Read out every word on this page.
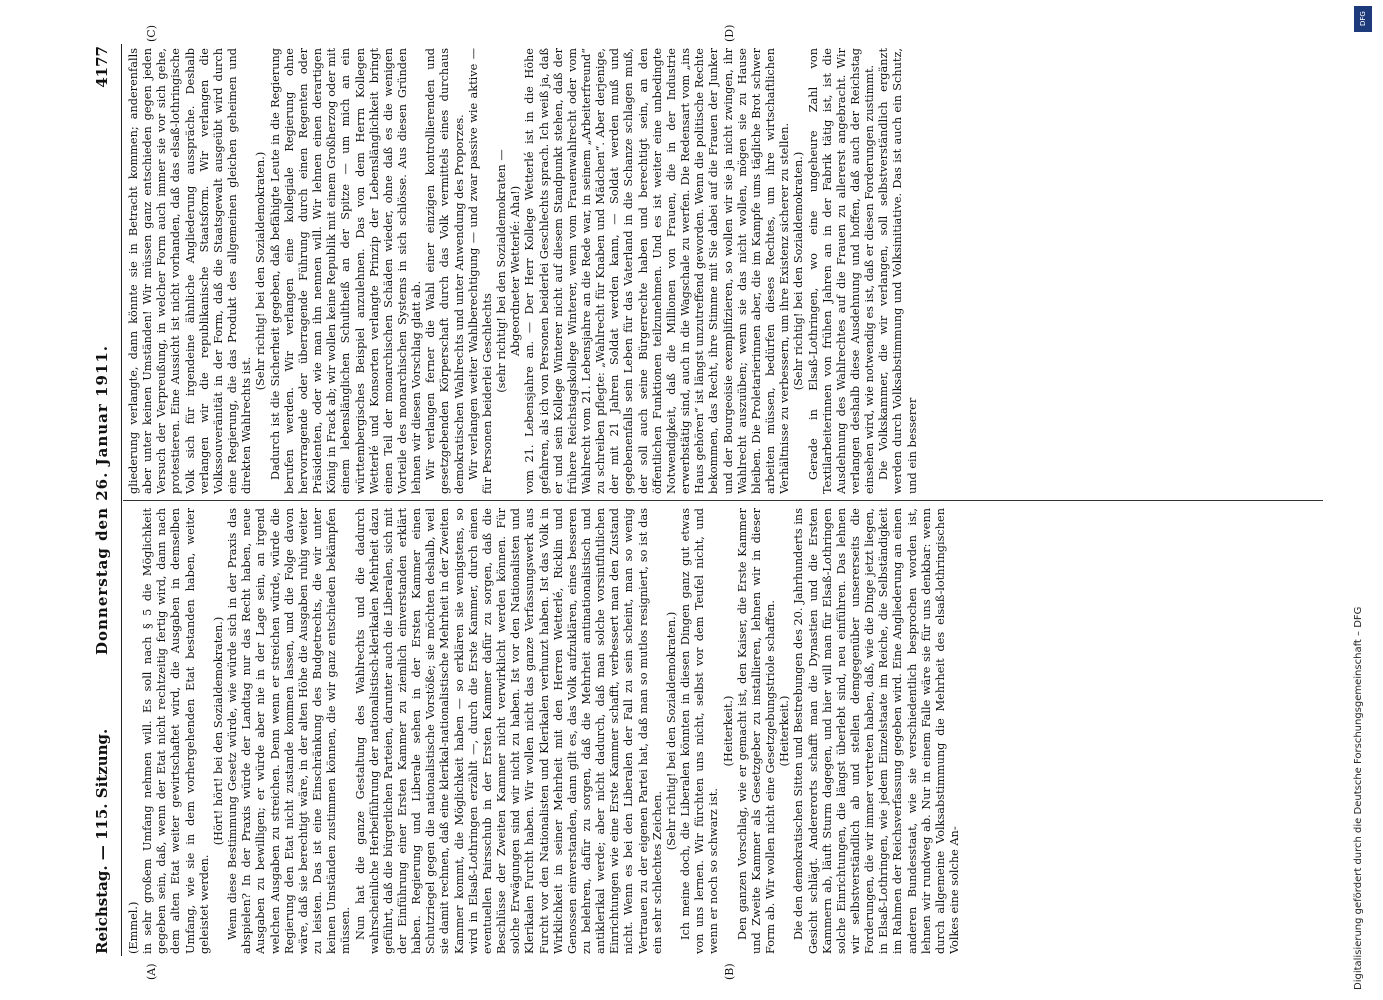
Reichstag. — 115. Sitzung.
Donnerstag den 26. Januar 1911.
4177
(A)	(B)
(C)	(D)

(Emmel.) in sehr großem Umfang nehmen will. Es soll nach § 5 die Möglichkeit gegeben sein, daß, wenn der Etat nicht rechtzeitig fertig wird, dann nach dem alten Etat weiter gewirtschaftet wird, die Ausgaben in demselben Umfang, wie sie in dem vorhergehenden Etat bestanden haben, weiter geleistet werden.

(Hört! hört! bei den Sozialdemokraten.) Wenn diese Bestimmung Gesetz würde, wie würde sich in der Praxis das abspielen? In der Praxis würde der Landtag nur das Recht haben, neue Ausgaben zu bewilligen; er würde aber nie in der Lage sein, an irgend welchen Ausgaben zu streichen. Denn wenn er streichen würde, würde die Regierung den Etat nicht zustande kommen lassen, und die Folge davon wäre, daß sie berechtigt wäre, in der alten Höhe die Ausgaben ruhig weiter zu leisten. Das ist eine Einschränkung des Budgetrechts, die wir unter keinen Umständen zustimmen können, die wir ganz entschieden bekämpfen müssen. Nun hat die ganze Gestaltung des Wahlrechts und die dadurch wahrscheinliche Herbeiführung der nationalistisch-klerikalen Mehrheit dazu geführt, daß die bürgerlichen Parteien, darunter auch die Liberalen, sich mit der Einführung einer Ersten Kammer zu ziemlich einverstanden erklärt haben. Regierung und Liberale sehen in der Ersten Kammer einen Schutzriegel gegen die nationalistische Vorstöße; sie möchten deshalb, weil sie damit rechnen, daß eine klerikal-nationalistische Mehrheit in der Zweiten Kammer kommt, die Möglichkeit haben — so erklären sie wenigstens, so wird in Elsaß-Lothringen erzählt —, durch die Erste Kammer, durch einen eventuellen Pairsschub in der Ersten Kammer dafür zu sorgen, daß die Beschlüsse der Zweiten Kammer nicht verwirklicht werden können. Für solche Erwägungen sind wir nicht zu haben. Ist vor den Nationalisten und Klerikalen Furcht haben. Wir wollen nicht das ganze Verfassungswerk aus Furcht vor den Nationalisten und Klerikalen verhunzt haben. Ist das Volk in Wirklichkeit in seiner Mehrheit mit den Herren Wetterlé, Ricklin und Genossen einverstanden, dann gilt es, das Volk aufzuklären, eines besseren zu belehren, dafür zu sorgen, daß die Mehrheit antinationalistisch und antiklerikal werde; aber nicht dadurch, daß man solche vorsintflutlichen Einrichtungen wie eine Erste Kammer schafft, verbessert man den Zustand nicht. Wenn es bei den Liberalen der Fall zu sein scheint, man so wenig Vertrauen zu der eigenen Partei hat, daß man so mutlos resigniert, so ist das ein sehr schlechtes Zeichen.

(Sehr richtig! bei den Sozialdemokraten.) Ich meine doch, die Liberalen könnten in diesen Dingen ganz gut etwas von uns lernen. Wir fürchten uns nicht, selbst vor dem Teufel nicht, und wenn er noch so schwarz ist.

(Heiterkeit.) Den ganzen Vorschlag, wie er gemacht ist, den Kaiser, die Erste Kammer und Zweite Kammer als Gesetzgeber zu installieren, lehnen wir in dieser Form ab. Wir wollen nicht eine Gesetzgebungstriole schaffen. (Heiterkeit.) Die den demokratischen Sitten und Bestrebungen des 20. Jahrhunderts ins Gesicht schlägt. Andererorts schafft man die Dynastien und die Ersten Kammern ab, läuft Sturm dagegen, und hier will man für Elsaß-Lothringen solche Einrichtungen, die längst überlebt sind, neu einführen. Das lehnen wir selbstverständlich ab und stellen demgegenüber unsererseits die Forderungen, die wir immer vertreten haben, daß, wie die Dinge jetzt liegen, in Elsaß-Lothringen, wie jedem Einzelstaate im Reiche, die Selbständigkeit im Rahmen der Reichsverfassung gegeben wird. Eine Angliederung an einen anderen Bundesstaat, wie sie verschiedentlich besprochen worden ist, lehnen wir rundweg ab. Nur in einem Falle wäre sie für uns denkbar: wenn durch allgemeine Volksabstimmung die Mehrheit des elsaß-lothringischen Volkes eine solche An-

gliederung verlangte, dann könnte sie in Betracht kommen; anderenfalls aber unter keinen Umständen! Wir müssen ganz entschieden gegen jeden Versuch der Verpreußung, in welcher Form auch immer sie vor sich gehe, protestieren. Eine Aussicht ist nicht vorhanden, daß das elsaß-lothringische Volk sich für irgendeine ähnliche Angliederung ausspräche. Deshalb verlangen wir die republikanische Staatsform. Wir verlangen die Volkssouveränität in der Form, daß die Staatsgewalt ausgeübt wird durch eine Regierung, die das Produkt des allgemeinen gleichen geheimen und direkten Wahlrechts ist.

(Sehr richtig! bei den Sozialdemokraten.) Dadurch ist die Sicherheit gegeben, daß befähigte Leute in die Regierung berufen werden. Wir verlangen eine kollegiale Regierung ohne hervorragende oder überragende Führung durch einen Regenten oder Präsidenten, oder wie man ihn nennen will. Wir lehnen einen derartigen König in Frack ab; wir wollen keine Republik mit einem Großherzog oder mit einem lebenslänglichen Schultheiß an der Spitze — um mich an ein württembergisches Beispiel anzulehnen. Das von dem Herrn Kollegen Wetterlé und Konsorten verlangte Prinzip der Lebenslänglichkeit bringt einen Teil der monarchischen Schäden wieder, ohne daß es die wenigen Vorteile des monarchischen Systems in sich schlösse. Aus diesen Gründen lehnen wir diesen Vorschlag glatt ab. Wir verlangen ferner die Wahl einer einzigen kontrollierenden und gesetzgebenden Körperschaft durch das Volk vermittels eines durchaus demokratischen Wahlrechts und unter Anwendung des Proporzes. Wir verlangen weiter Wahlberechtigung — und zwar passive wie aktive — für Personen beiderlei Geschlechts

(sehr richtig! bei den Sozialdemokraten — Abgeordneter Wetterlé: Aha!) vom 21. Lebensjahre an. — Der Herr Kollege Wetterlé ist in die Höhe gefahren, als ich von Personen beiderlei Geschlechts sprach. Ich weiß ja, daß er und sein Kollege Winterer nicht auf diesem Standpunkt stehen, daß der frühere Reichstagskollege Winterer, wenn vom Frauenwahlrecht oder vom Wahlrecht vom 21. Lebensjahre an die Rede war, in seinem „Arbeiterfreund“ zu schreiben pflegte: „Wahlrecht für Knaben und Mädchen“. Aber derjenige, der mit 21 Jahren Soldat werden kann, — Soldat werden muß und gegebenenfalls sein Leben für das Vaterland in die Schanze schlagen muß, der soll auch seine Bürgerrechte haben und berechtigt sein, an den öffentlichen Funktionen teilzunehmen. Und es ist weiter eine unbedingte Notwendigkeit, daß die Millionen von Frauen, die in der Industrie erwerbstätig sind, auch in die Wagschale zu werfen. Die Redensart vom „ins Haus gehören“ ist längst unzutreffend geworden. Wenn die politische Rechte bekommen, das Recht, ihre Stimme mit Sie dabei auf die Frauen der Junker und der Bourgeoisie exemplifizieren, so wollen wir sie ja nicht zwingen, ihr Wahlrecht auszuüben; wenn sie das nicht wollen, mögen sie zu Hause bleiben. Die Proletarierinnen aber, die im Kampfe ums tägliche Brot schwer arbeiten müssen, bedürfen dieses Rechtes, um ihre wirtschaftlichen Verhältnisse zu verbessern, um ihre Existenz sicherer zu stellen. (Sehr richtig! bei den Sozialdemokraten.) Gerade in Elsaß-Lothringen, wo eine ungeheure Zahl von Textilarbeiterinnen von frühen Jahren an in der Fabrik tätig ist, ist die Ausdehnung des Wahlrechtes auf die Frauen zu allererst angebracht. Wir verlangen deshalb diese Ausdehnung und hoffen, daß auch der Reichstag einsehen wird, wie notwendig es ist, daß er diesen Forderungen zustimmt. Die Volkskammer, die wir verlangen, soll selbstverständlich ergänzt werden durch Volksabstimmung und Volksinitiative. Das ist auch ein Schutz, und ein besserer

DFG
Digitalisierung gefördert durch die Deutsche Forschungsgemeinschaft – DFG
